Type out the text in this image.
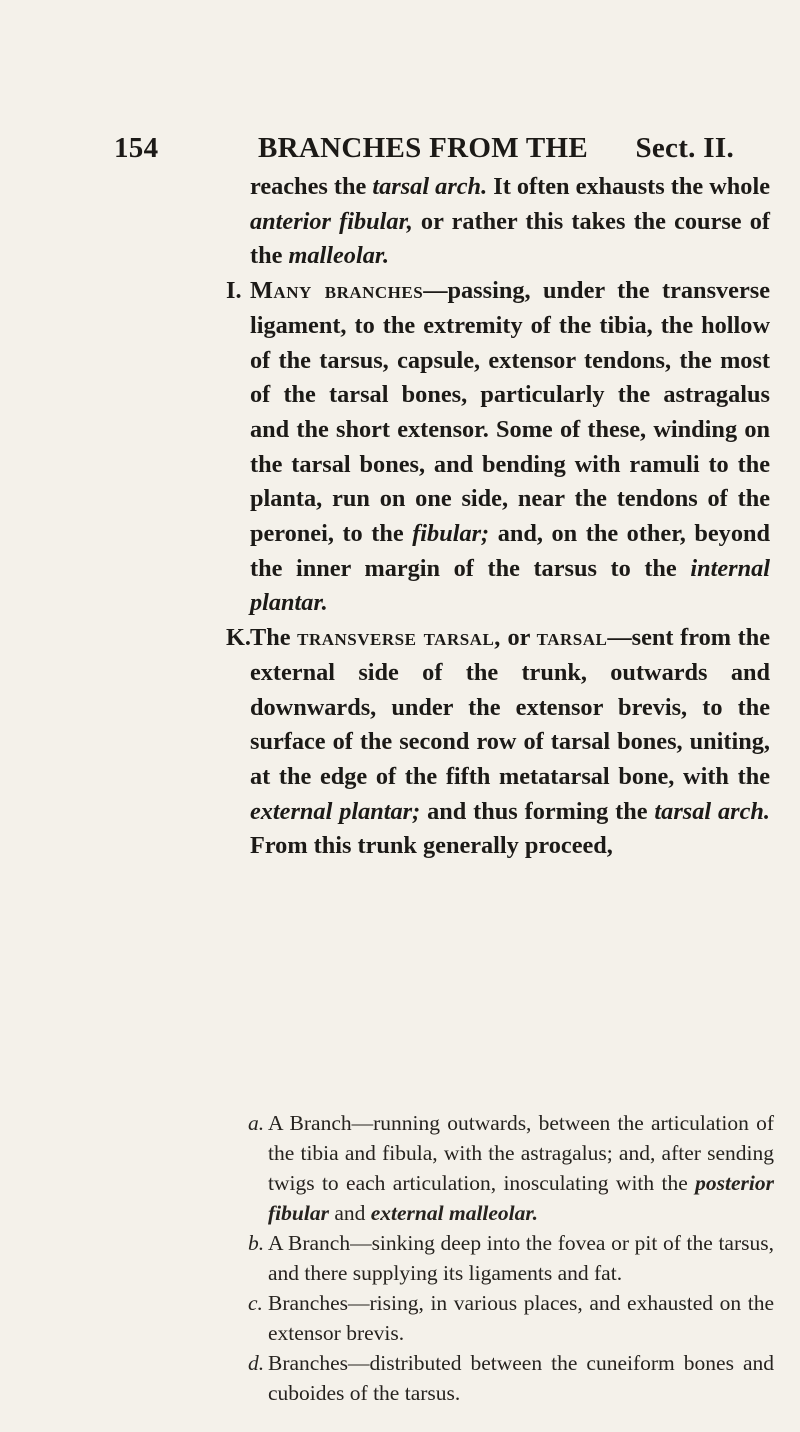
154	BRANCHES FROM THE Sect. II.

reaches the tarsal arch. It often exhausts the whole anterior fibular, or rather this takes the course of the malleolar.

I. Many branches—passing, under the transverse ligament, to the extremity of the tibia, the hollow of the tarsus, capsule, extensor tendons, the most of the tarsal bones, particularly the astragalus and the short extensor. Some of these, winding on the tarsal bones, and bending with ramuli to the planta, run on one side, near the tendons of the peronei, to the fibular; and, on the other, beyond the inner margin of the tarsus to the internal plantar.

K. The transverse tarsal, or tarsal—sent from the external side of the trunk, outwards and downwards, under the extensor brevis, to the surface of the second row of tarsal bones, uniting, at the edge of the fifth metatarsal bone, with the external plantar; and thus forming the tarsal arch. From this trunk generally proceed,

a. A Branch—running outwards, between the articulation of the tibia and fibula, with the astragalus; and, after sending twigs to each articulation, inosculating with the posterior fibular and external malleolar.

b. A Branch—sinking deep into the fovea or pit of the tarsus, and there supplying its ligaments and fat.

c. Branches—rising, in various places, and exhausted on the extensor brevis.

d. Branches—distributed between the cuneiform bones and cuboides of the tarsus.
